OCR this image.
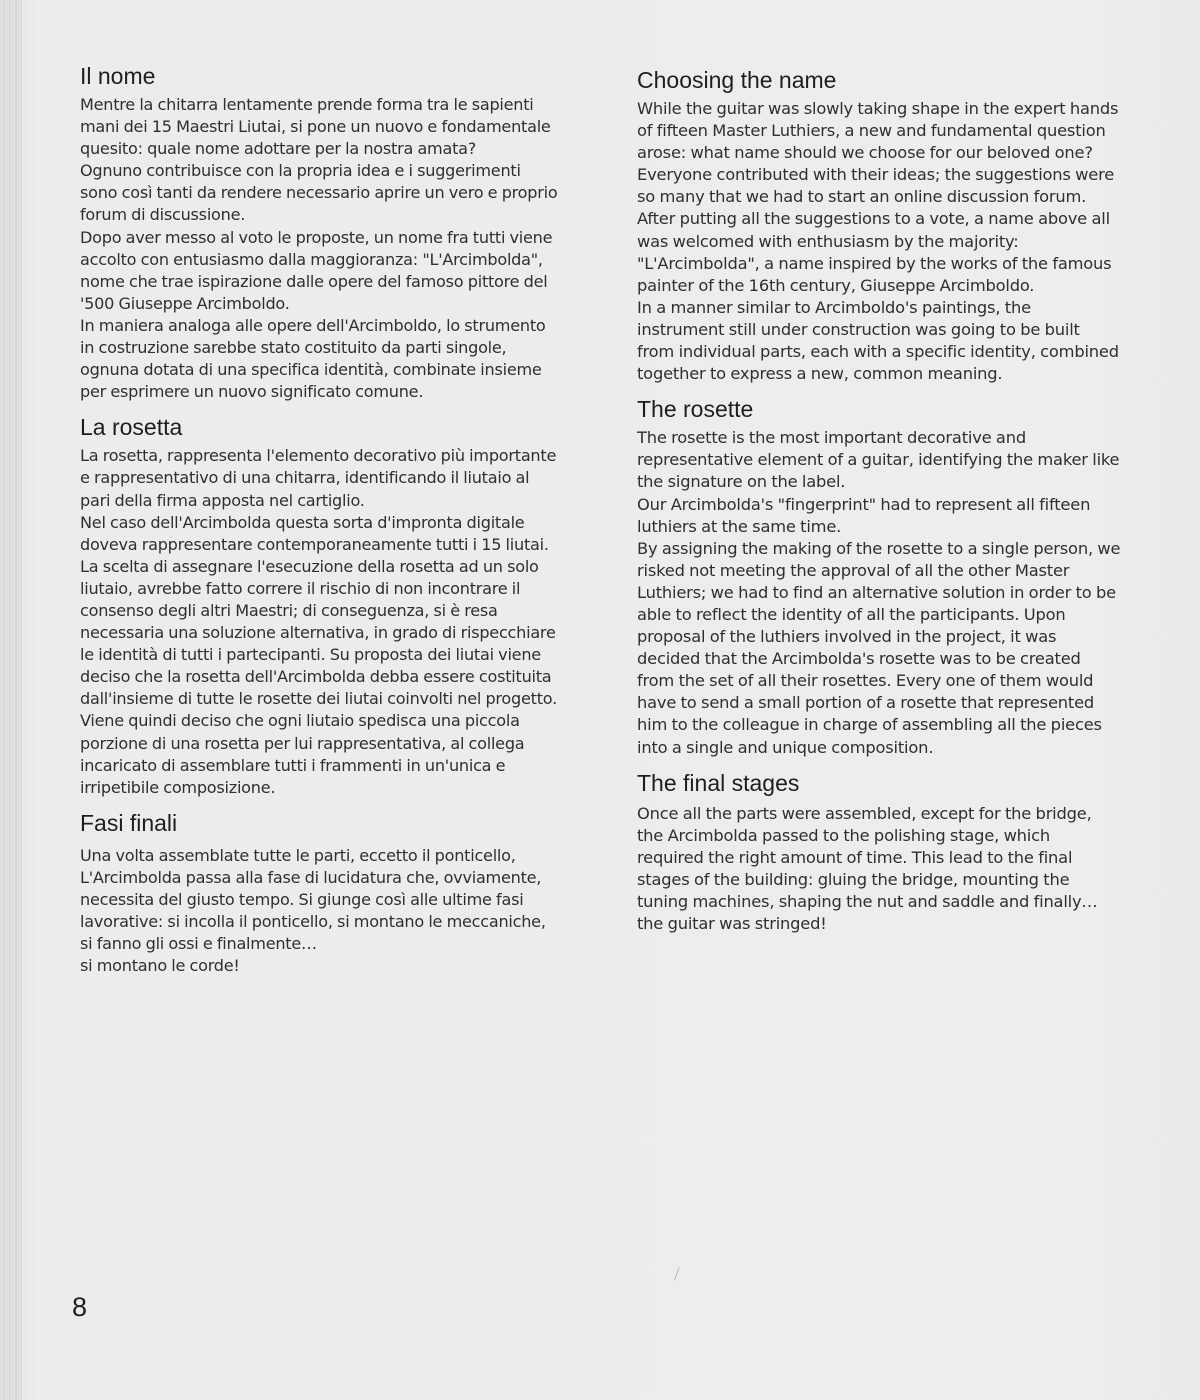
Il nome

Mentre la chitarra lentamente prende forma tra le sapienti mani dei 15 Maestri Liutai, si pone un nuovo e fondamentale quesito: quale nome adottare per la nostra amata?

Ognuno contribuisce con la propria idea e i suggerimenti sono così tanti da rendere necessario aprire un vero e proprio forum di discussione.

Dopo aver messo al voto le proposte, un nome fra tutti viene accolto con entusiasmo dalla maggioranza: "L'Arcimbolda", nome che trae ispirazione dalle opere del famoso pittore del '500 Giuseppe Arcimboldo.

In maniera analoga alle opere dell'Arcimboldo, lo strumento in costruzione sarebbe stato costituito da parti singole, ognuna dotata di una specifica identità, combinate insieme per esprimere un nuovo significato comune.

La rosetta

La rosetta, rappresenta l'elemento decorativo più importante e rappresentativo di una chitarra, identificando il liutaio al pari della firma apposta nel cartiglio.

Nel caso dell'Arcimbolda questa sorta d'impronta digitale doveva rappresentare contemporaneamente tutti i 15 liutai.

La scelta di assegnare l'esecuzione della rosetta ad un solo liutaio, avrebbe fatto correre il rischio di non incontrare il consenso degli altri Maestri; di conseguenza, si è resa necessaria una soluzione alternativa, in grado di rispecchiare le identità di tutti i partecipanti. Su proposta dei liutai viene deciso che la rosetta dell'Arcimbolda debba essere costituita dall'insieme di tutte le rosette dei liutai coinvolti nel progetto. Viene quindi deciso che ogni liutaio spedisca una piccola porzione di una rosetta per lui rappresentativa, al collega incaricato di assemblare tutti i frammenti in un'unica e irripetibile composizione.

Fasi finali

Una volta assemblate tutte le parti, eccetto il ponticello, L'Arcimbolda passa alla fase di lucidatura che, ovviamente, necessita del giusto tempo. Si giunge così alle ultime fasi lavorative: si incolla il ponticello, si montano le meccaniche, si fanno gli ossi e finalmente…

si montano le corde!

Choosing the name

While the guitar was slowly taking shape in the expert hands of fifteen Master Luthiers, a new and fundamental question arose: what name should we choose for our beloved one?

Everyone contributed with their ideas; the suggestions were so many that we had to start an online discussion forum. After putting all the suggestions to a vote, a name above all was welcomed with enthusiasm by the majority: "L'Arcimbolda", a name inspired by the works of the famous painter of the 16th century, Giuseppe Arcimboldo.

In a manner similar to Arcimboldo's paintings, the instrument still under construction was going to be built from individual parts, each with a specific identity, combined together to express a new, common meaning.

The rosette

The rosette is the most important decorative and representative element of a guitar, identifying the maker like the signature on the label.

Our Arcimbolda's "fingerprint" had to represent all fifteen luthiers at the same time.

By assigning the making of the rosette to a single person, we risked not meeting the approval of all the other Master Luthiers; we had to find an alternative solution in order to be able to reflect the identity of all the participants. Upon proposal of the luthiers involved in the project, it was decided that the Arcimbolda's rosette was to be created from the set of all their rosettes. Every one of them would have to send a small portion of a rosette that represented him to the colleague in charge of assembling all the pieces into a single and unique composition.

The final stages

Once all the parts were assembled, except for the bridge, the Arcimbolda passed to the polishing stage, which required the right amount of time. This lead to the final stages of the building: gluing the bridge, mounting the tuning machines, shaping the nut and saddle and finally…the guitar was stringed!

8
